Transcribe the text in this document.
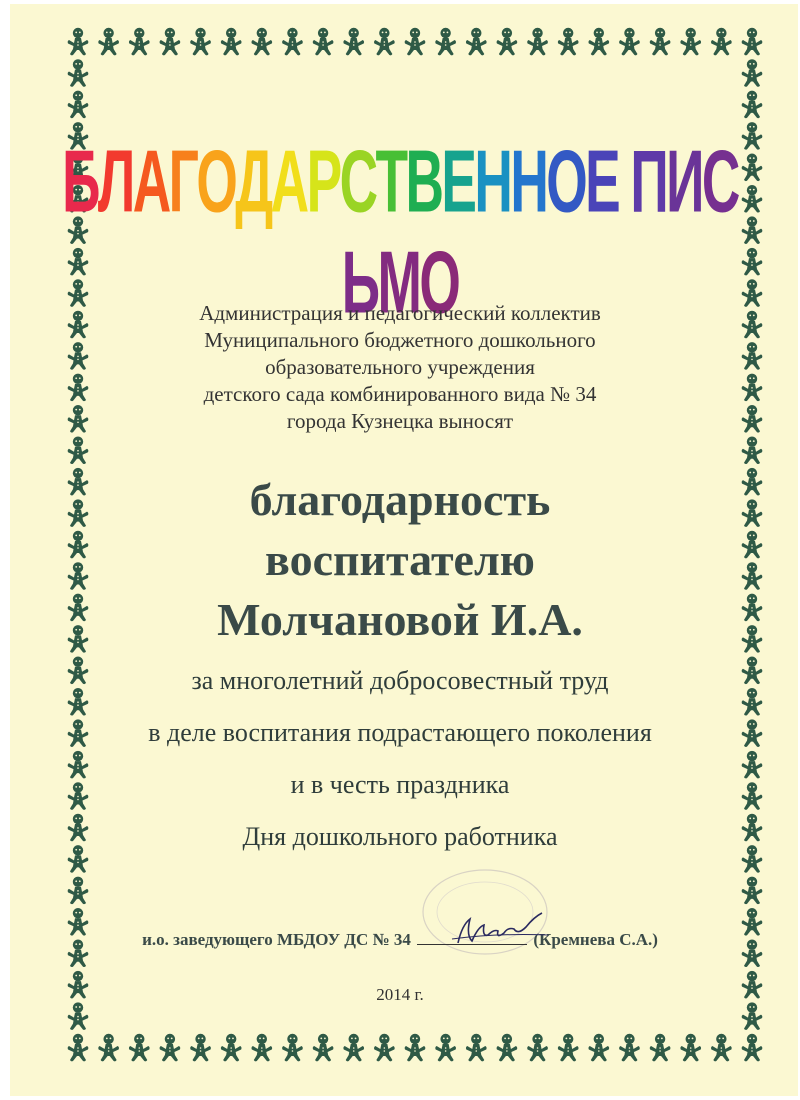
БЛАГОДАРСТВЕННОЕ ПИСЬМО
Администрация и педагогический коллектив
Муниципального бюджетного дошкольного
образовательного учреждения
детского сада комбинированного вида № 34
города Кузнецка выносят
благодарность
воспитателю
Молчановой И.А.
за многолетний добросовестный труд
в деле воспитания подрастающего поколения
и в честь праздника
Дня дошкольного работника
и.о. заведующего МБДОУ ДС № 34	(Кремнева С.А.)
2014 г.
